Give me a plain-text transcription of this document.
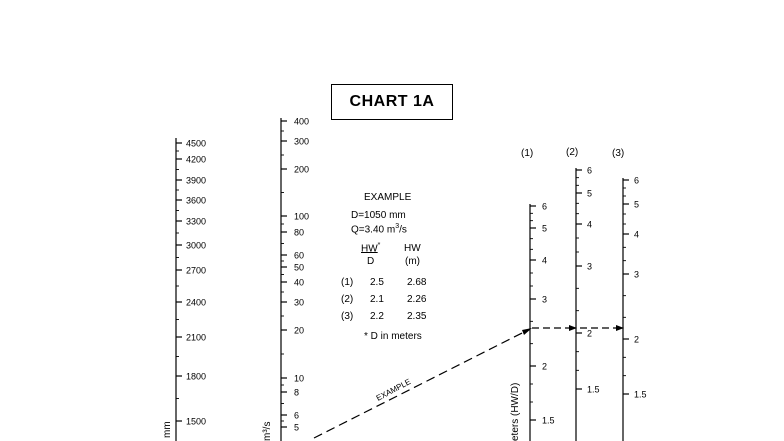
CHART 1A
EXAMPLE
D=1050 mm
Q=3.40 $m^3/s$
HW*
D
HW
(m)
(1) 2.5 2.68
(2) 2.1 2.26
(3) 2.2 2.35
* D in meters
(1)	(2)	(3)
mm	m³/s	eters (HW/D)
4500
4200
3900
3600
3300
3000
2700
2400
2100
1800
1500
400
300
200
100
80
60
50
40
30
20
10
8
6
5
6
5
4
3
2
1.5
6
5
4
3
2
1.5
6
5
4
3
2
1.5
EXAMPLE
